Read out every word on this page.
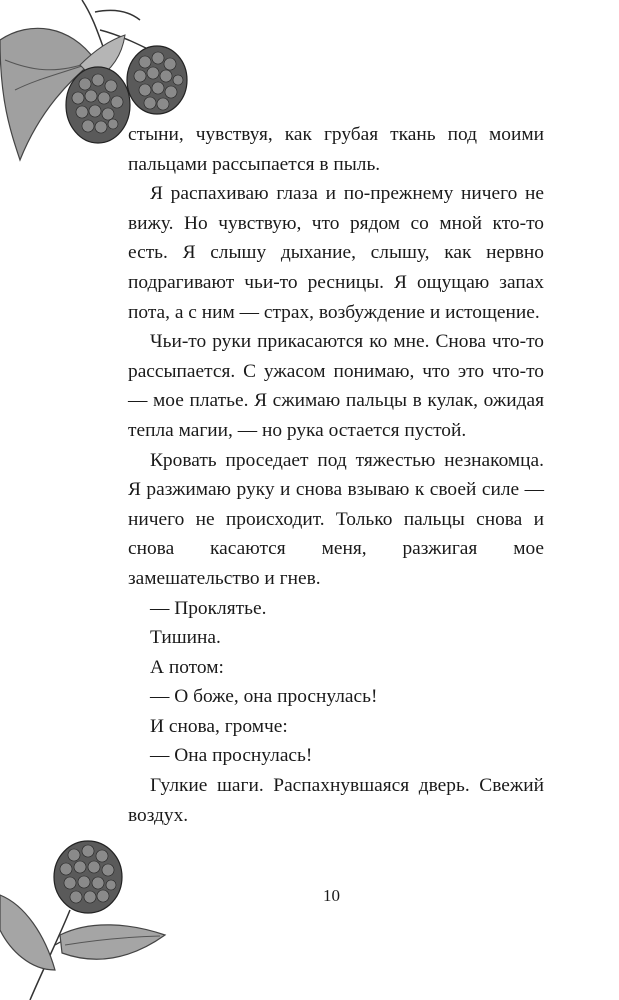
стыни, чувствуя, как грубая ткань под моими пальцами рассыпается в пыль.

Я распахиваю глаза и по-прежнему ничего не вижу. Но чувствую, что рядом со мной кто-то есть. Я слышу дыхание, слышу, как нервно подрагивают чьи-то ресницы. Я ощущаю запах пота, а с ним — страх, возбуждение и истощение.

Чьи-то руки прикасаются ко мне. Снова что-то рассыпается. С ужасом понимаю, что это что-то — мое платье. Я сжимаю пальцы в кулак, ожидая тепла магии, — но рука остается пустой.

Кровать проседает под тяжестью незнакомца. Я разжимаю руку и снова взываю к своей силе — ничего не происходит. Только пальцы снова и снова касаются меня, разжигая мое замешательство и гнев.

— Проклятье.

Тишина.

А потом:

— О боже, она проснулась!

И снова, громче:

— Она проснулась!

Гулкие шаги. Распахнувшаяся дверь. Свежий воздух.

10
